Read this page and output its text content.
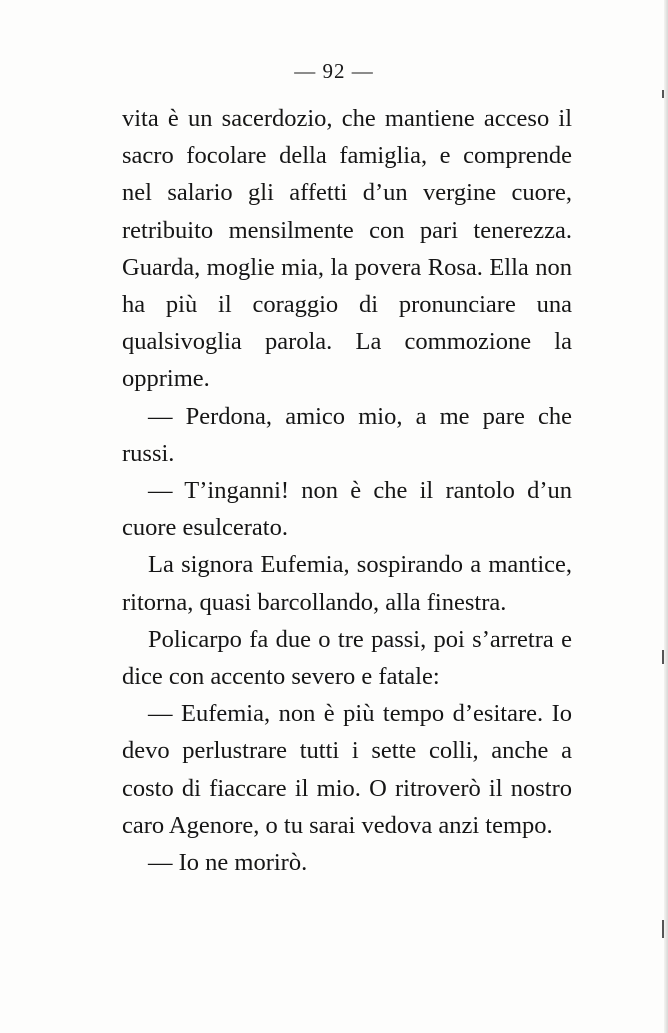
— 92 —

vita è un sacerdozio, che mantiene acceso il sacro focolare della famiglia, e comprende nel salario gli affetti d’un vergine cuore, retribuito mensilmente con pari tenerezza. Guarda, moglie mia, la povera Rosa. Ella non ha più il coraggio di pronunciare una qualsivoglia parola. La commozione la opprime.

— Perdona, amico mio, a me pare che russi.

— T’inganni! non è che il rantolo d’un cuore esulcerato.

La signora Eufemia, sospirando a mantice, ritorna, quasi barcollando, alla finestra.

Policarpo fa due o tre passi, poi s’arretra e dice con accento severo e fatale:

— Eufemia, non è più tempo d’esitare. Io devo perlustrare tutti i sette colli, anche a costo di fiaccare il mio. O ritroverò il nostro caro Agenore, o tu sarai vedova anzi tempo.

— Io ne morirò.
